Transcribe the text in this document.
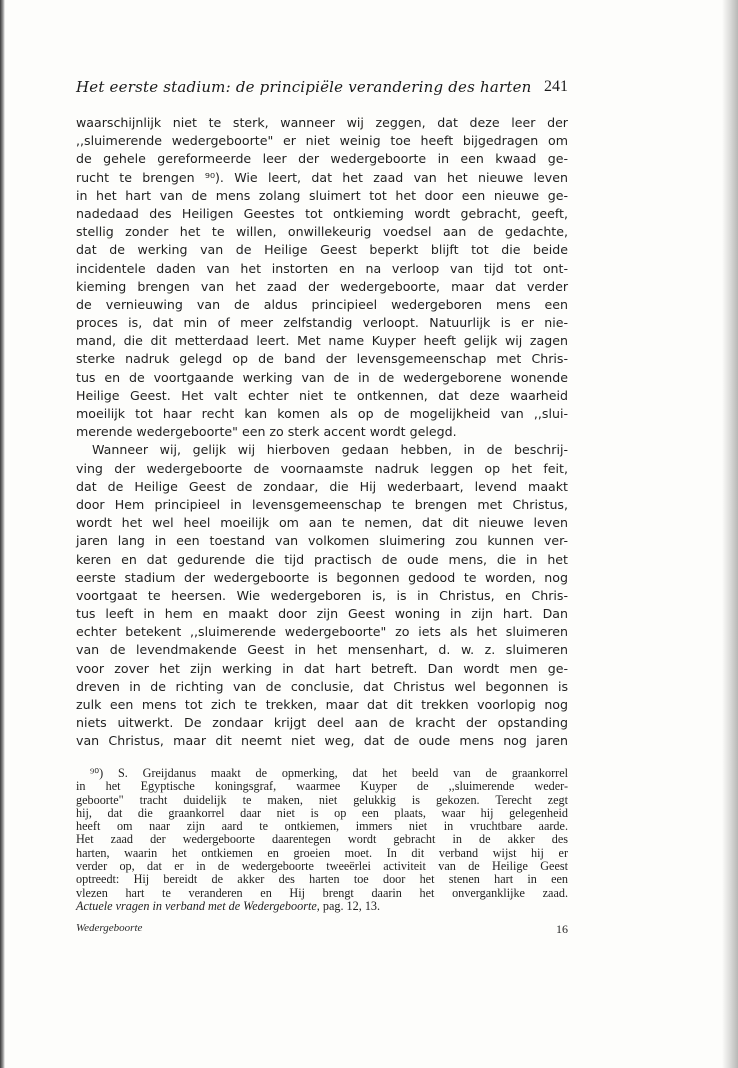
Het eerste stadium: de principiële verandering des harten 241
waarschijnlijk niet te sterk, wanneer wij zeggen, dat deze leer der
,,sluimerende wedergeboorte" er niet weinig toe heeft bijgedragen om
de gehele gereformeerde leer der wedergeboorte in een kwaad ge-
rucht te brengen ⁹⁰). Wie leert, dat het zaad van het nieuwe leven
in het hart van de mens zolang sluimert tot het door een nieuwe ge-
nadedaad des Heiligen Geestes tot ontkieming wordt gebracht, geeft,
stellig zonder het te willen, onwillekeurig voedsel aan de gedachte,
dat de werking van de Heilige Geest beperkt blijft tot die beide
incidentele daden van het instorten en na verloop van tijd tot ont-
kieming brengen van het zaad der wedergeboorte, maar dat verder
de vernieuwing van de aldus principieel wedergeboren mens een
proces is, dat min of meer zelfstandig verloopt. Natuurlijk is er nie-
mand, die dit metterdaad leert. Met name Kuyper heeft gelijk wij zagen
sterke nadruk gelegd op de band der levensgemeenschap met Chris-
tus en de voortgaande werking van de in de wedergeborene wonende
Heilige Geest. Het valt echter niet te ontkennen, dat deze waarheid
moeilijk tot haar recht kan komen als op de mogelijkheid van ,,slui-
merende wedergeboorte" een zo sterk accent wordt gelegd.
Wanneer wij, gelijk wij hierboven gedaan hebben, in de beschrij-
ving der wedergeboorte de voornaamste nadruk leggen op het feit,
dat de Heilige Geest de zondaar, die Hij wederbaart, levend maakt
door Hem principieel in levensgemeenschap te brengen met Christus,
wordt het wel heel moeilijk om aan te nemen, dat dit nieuwe leven
jaren lang in een toestand van volkomen sluimering zou kunnen ver-
keren en dat gedurende die tijd practisch de oude mens, die in het
eerste stadium der wedergeboorte is begonnen gedood te worden, nog
voortgaat te heersen. Wie wedergeboren is, is in Christus, en Chris-
tus leeft in hem en maakt door zijn Geest woning in zijn hart. Dan
echter betekent ,,sluimerende wedergeboorte" zo iets als het sluimeren
van de levendmakende Geest in het mensenhart, d. w. z. sluimeren
voor zover het zijn werking in dat hart betreft. Dan wordt men ge-
dreven in de richting van de conclusie, dat Christus wel begonnen is
zulk een mens tot zich te trekken, maar dat dit trekken voorlopig nog
niets uitwerkt. De zondaar krijgt deel aan de kracht der opstanding
van Christus, maar dit neemt niet weg, dat de oude mens nog jaren
⁹⁰) S. Greijdanus maakt de opmerking, dat het beeld van de graankorrel
in het Egyptische koningsgraf, waarmee Kuyper de ,,sluimerende weder-
geboorte" tracht duidelijk te maken, niet gelukkig is gekozen. Terecht zegt
hij, dat die graankorrel daar niet is op een plaats, waar hij gelegenheid
heeft om naar zijn aard te ontkiemen, immers niet in vruchtbare aarde.
Het zaad der wedergeboorte daarentegen wordt gebracht in de akker des
harten, waarin het ontkiemen en groeien moet. In dit verband wijst hij er
verder op, dat er in de wedergeboorte tweeërlei activiteit van de Heilige Geest
optreedt: Hij bereidt de akker des harten toe door het stenen hart in een
vlezen hart te veranderen en Hij brengt daarin het onverganklijke zaad.
Actuele vragen in verband met de Wedergeboorte, pag. 12, 13.
Wedergeboorte	16
